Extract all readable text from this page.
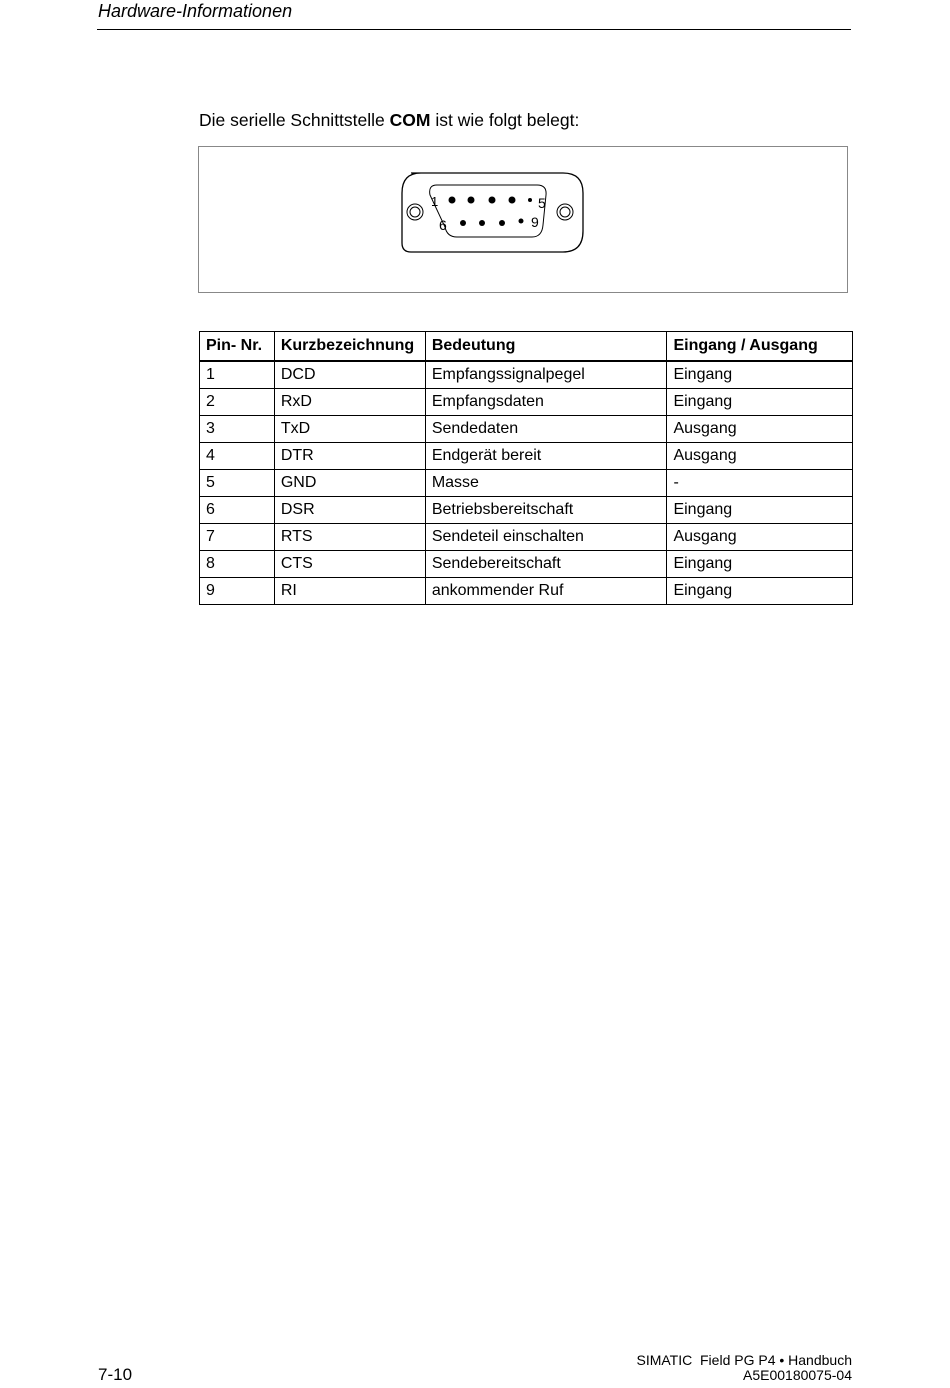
Hardware-Informationen
Die serielle Schnittstelle COM ist wie folgt belegt:
1	5
6	9
Pin- Nr.	Kurzbezeichnung	Bedeutung	Eingang / Ausgang
1	DCD	Empfangssignalpegel	Eingang
2	RxD	Empfangsdaten	Eingang
3	TxD	Sendedaten	Ausgang
4	DTR	Endgerät bereit	Ausgang
5	GND	Masse	-
6	DSR	Betriebsbereitschaft	Eingang
7	RTS	Sendeteil einschalten	Ausgang
8	CTS	Sendebereitschaft	Eingang
9	RI	ankommender Ruf	Eingang
7-10
SIMATIC  Field PG P4 • Handbuch
A5E00180075-04
